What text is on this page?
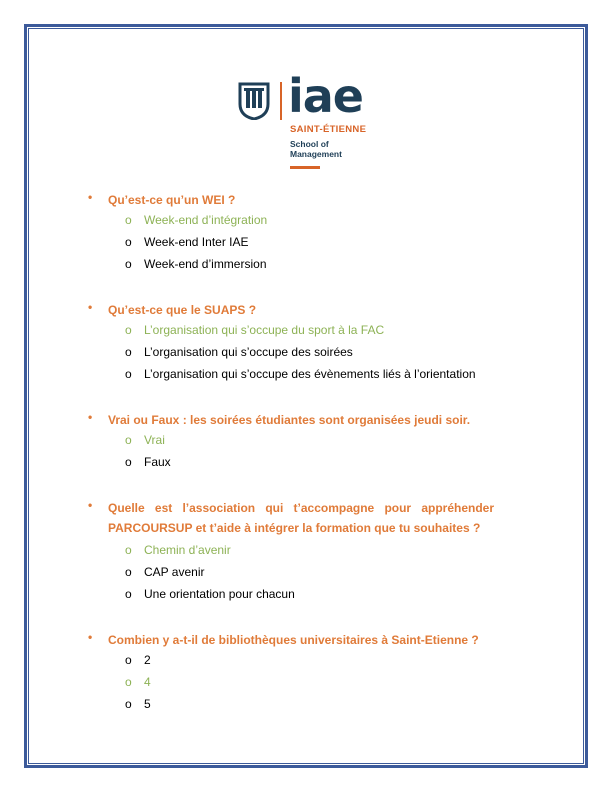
iae
SAINT-ÉTIENNE
School of
Management
• Qu’est-ce qu’un WEI ?
o Week-end d’intégration
o Week-end Inter IAE
o Week-end d’immersion
• Qu’est-ce que le SUAPS ?
o L’organisation qui s’occupe du sport à la FAC
o L’organisation qui s’occupe des soirées
o L’organisation qui s’occupe des évènements liés à l’orientation
• Vrai ou Faux : les soirées étudiantes sont organisées jeudi soir.
o Vrai
o Faux
• Quelle est l’association qui t’accompagne pour appréhender
PARCOURSUP et t’aide à intégrer la formation que tu souhaites ?
o Chemin d’avenir
o CAP avenir
o Une orientation pour chacun
• Combien y a-t-il de bibliothèques universitaires à Saint-Etienne ?
o 2
o 4
o 5
